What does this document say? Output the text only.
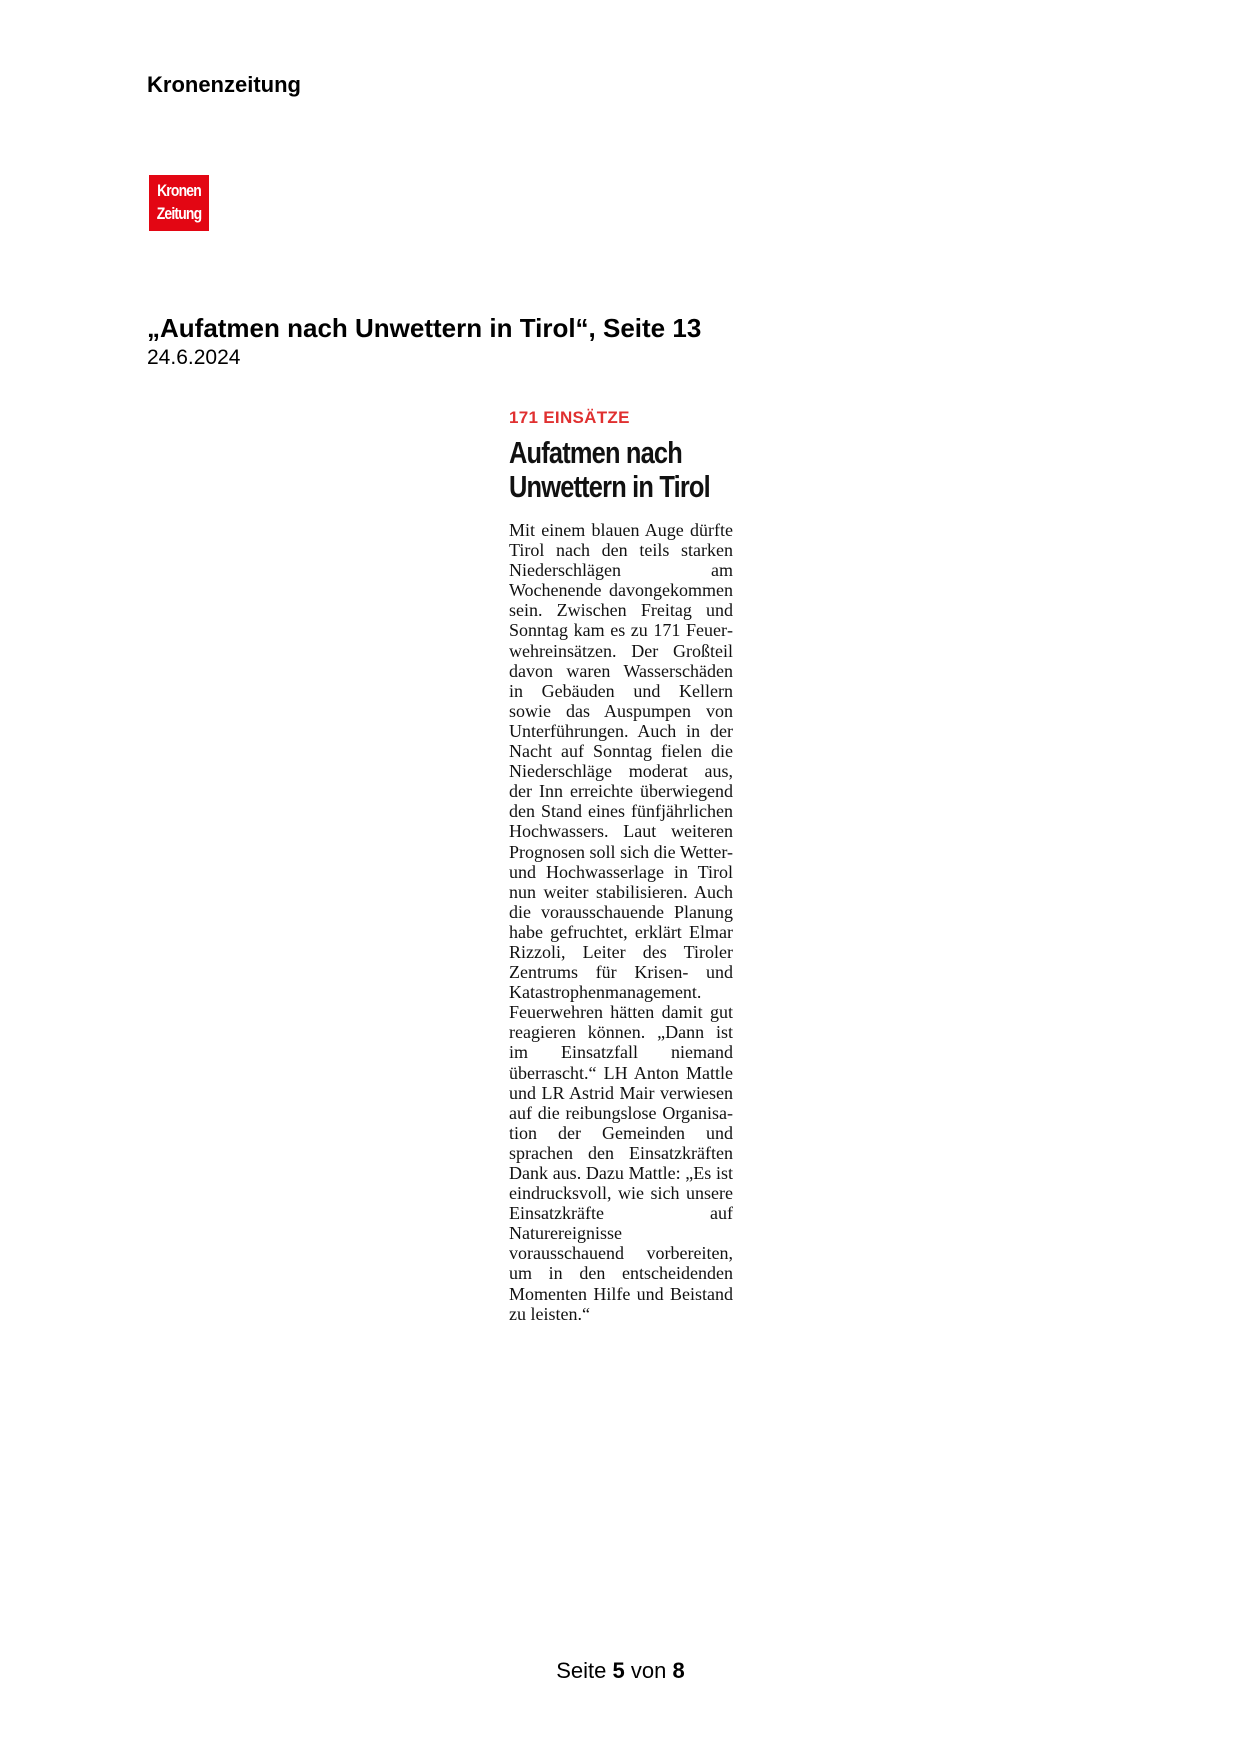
Kronenzeitung
Kronen
Zeitung
„Aufatmen nach Unwettern in Tirol“, Seite 13
24.6.2024
171 EINSÄTZE
Aufatmen nach
Unwettern in Tirol

Mit einem blauen Auge dürfte Tirol nach den teils starken Niederschlägen am Wochenende davongekommen sein. Zwischen Freitag und Sonntag kam es zu 171 Feuerwehreinsätzen. Der Großteil davon waren Wasserschäden in Gebäuden und Kellern sowie das Auspumpen von Unterführungen. Auch in der Nacht auf Sonntag fielen die Niederschläge moderat aus, der Inn erreichte überwiegend den Stand eines fünfjährlichen Hochwassers. Laut weiteren Prognosen soll sich die Wetter- und Hochwasserlage in Tirol nun weiter stabilisieren. Auch die vorausschauende Planung habe gefruchtet, erklärt Elmar Rizzoli, Leiter des Tiroler Zentrums für Krisen- und Katastrophenmanagement. Feuerwehren hätten damit gut reagieren können. „Dann ist im Einsatzfall niemand überrascht.“ LH Anton Mattle und LR Astrid Mair verwiesen auf die reibungslose Organisation der Gemeinden und sprachen den Einsatzkräften Dank aus. Dazu Mattle: „Es ist eindrucksvoll, wie sich unsere Einsatzkräfte auf Naturereignisse vorausschauend vorbereiten, um in den entscheidenden Momenten Hilfe und Beistand zu leisten.“

Seite 5 von 8
